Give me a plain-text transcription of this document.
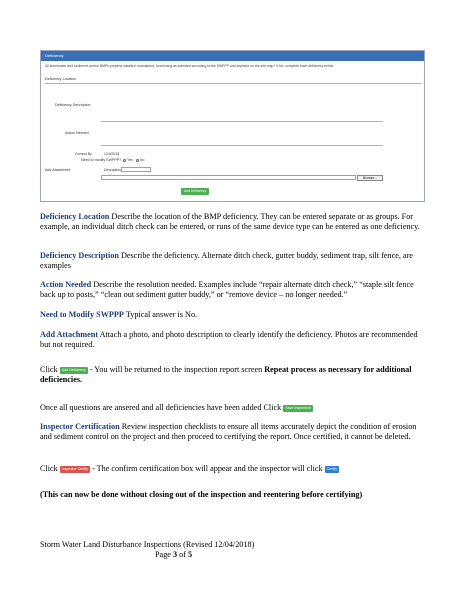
Deficiency
All stormwater and sediment control BMPs properly installed, maintained, functioning as intended according to the SWPPP and depicted on the site map? If No, complete each deficiency below.
Deficiency Location
Deficiency Description
Action Needed
Correct By	12/4/2018
Need to modify SWPPP? Yes No
Add Attachment	Description
Browse...
Add Deficiency
Deficiency Location Describe the location of the BMP deficiency. They can be entered separate or as groups. For example, an individual ditch check can be entered, or runs of the same device type can be entered as one deficiency.
Deficiency Description Describe the deficiency. Alternate ditch check, gutter buddy, sediment trap, silt fence, are examples
Action Needed Describe the resolution needed. Examples include “repair alternate ditch check,” “staple silt fence back up to posts,” “clean out sediment gutter buddy,” or “remove device – no longer needed.”
Need to Modify SWPPP Typical answer is No.
Add Attachment Attach a photo, and photo description to clearly identify the deficiency. Photos are recommended but not required.
Click Add Deficiency - You will be returned to the inspection report screen Repeat process as necessary for additional deficiencies.
Once all questions are ansered and all deficiencies have been added Click Save Inspection
Inspector Certification Review inspection checklists to ensure all items accurately depict the condition of erosion and sediment control on the project and then proceed to certifying the report. Once certified, it cannot be deleted.
Click Inspector Certify - The confirm certification box will appear and the inspector will click Certify
(This can now be done without closing out of the inspection and reentering before certifying)
Storm Water Land Disturbance Inspections (Revised 12/04/2018)
Page 3 of 5
